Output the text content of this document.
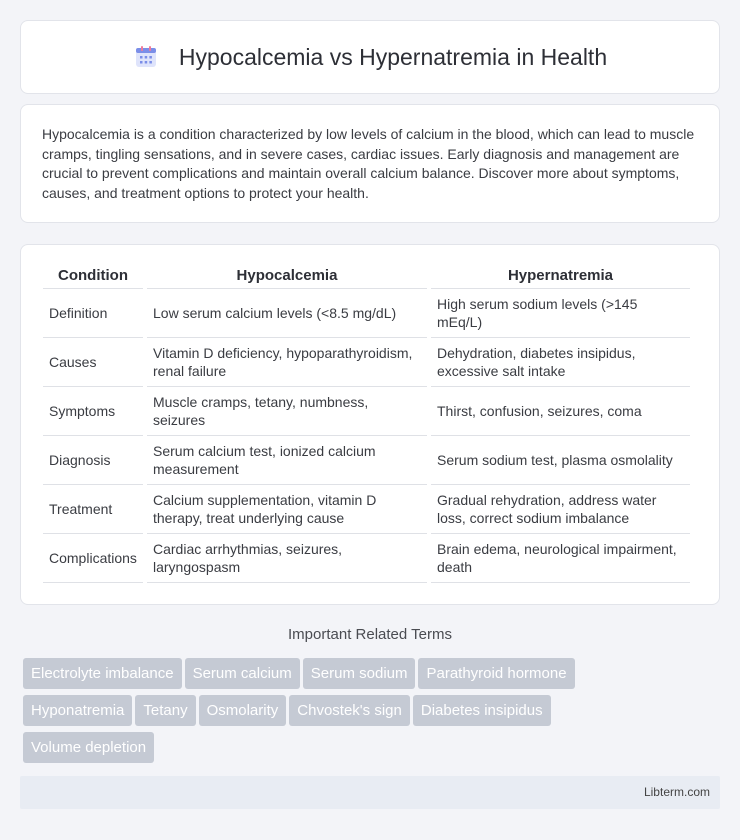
Hypocalcemia vs Hypernatremia in Health

Hypocalcemia is a condition characterized by low levels of calcium in the blood, which can lead to muscle cramps, tingling sensations, and in severe cases, cardiac issues. Early diagnosis and management are crucial to prevent complications and maintain overall calcium balance. Discover more about symptoms, causes, and treatment options to protect your health.

Condition	Hypocalcemia	Hypernatremia
Definition	Low serum calcium levels (<8.5 mg/dL)	High serum sodium levels (>145 mEq/L)
Causes	Vitamin D deficiency, hypoparathyroidism, renal failure	Dehydration, diabetes insipidus, excessive salt intake
Symptoms	Muscle cramps, tetany, numbness, seizures	Thirst, confusion, seizures, coma
Diagnosis	Serum calcium test, ionized calcium measurement	Serum sodium test, plasma osmolality
Treatment	Calcium supplementation, vitamin D therapy, treat underlying cause	Gradual rehydration, address water loss, correct sodium imbalance
Complications	Cardiac arrhythmias, seizures, laryngospasm	Brain edema, neurological impairment, death
Important Related Terms
Electrolyte imbalance Serum calcium Serum sodium Parathyroid hormone
Hyponatremia Tetany Osmolarity Chvostek's sign Diabetes insipidus
Volume depletion
Libterm.com
